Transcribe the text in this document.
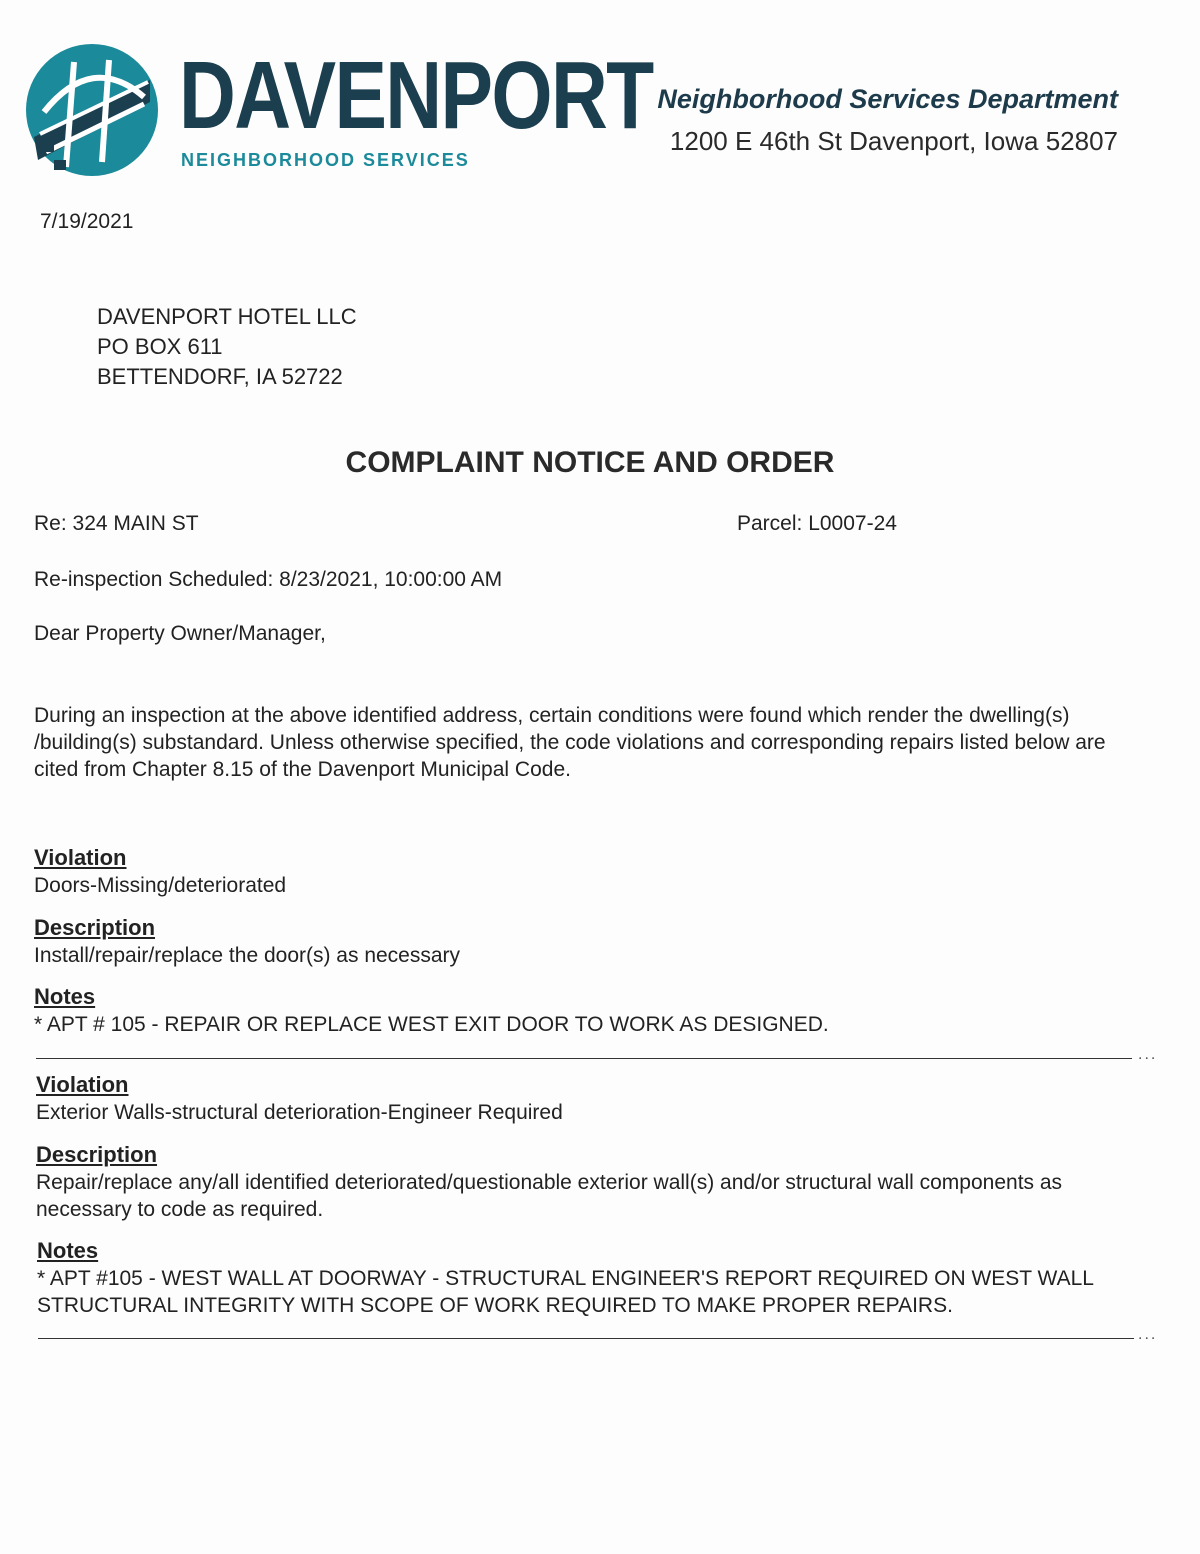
DAVENPORT
NEIGHBORHOOD SERVICES
Neighborhood Services Department
1200 E 46th St Davenport, Iowa 52807
7/19/2021
DAVENPORT HOTEL LLC
PO BOX 611
BETTENDORF, IA 52722
COMPLAINT NOTICE AND ORDER
Re: 324 MAIN ST	Parcel: L0007-24
Re-inspection Scheduled: 8/23/2021, 10:00:00 AM
Dear Property Owner/Manager,
During an inspection at the above identified address, certain conditions were found which render the dwelling(s) /building(s) substandard. Unless otherwise specified, the code violations and corresponding repairs listed below are cited from Chapter 8.15 of the Davenport Municipal Code.
Violation
Doors-Missing/deteriorated
Description
Install/repair/replace the door(s) as necessary
Notes
* APT # 105 - REPAIR OR REPLACE WEST EXIT DOOR TO WORK AS DESIGNED.
...
Violation
Exterior Walls-structural deterioration-Engineer Required
Description
Repair/replace any/all identified deteriorated/questionable exterior wall(s) and/or structural wall components as necessary to code as required.
Notes
* APT #105 - WEST WALL AT DOORWAY - STRUCTURAL ENGINEER'S REPORT REQUIRED ON WEST WALL STRUCTURAL INTEGRITY WITH SCOPE OF WORK REQUIRED TO MAKE PROPER REPAIRS.
...
